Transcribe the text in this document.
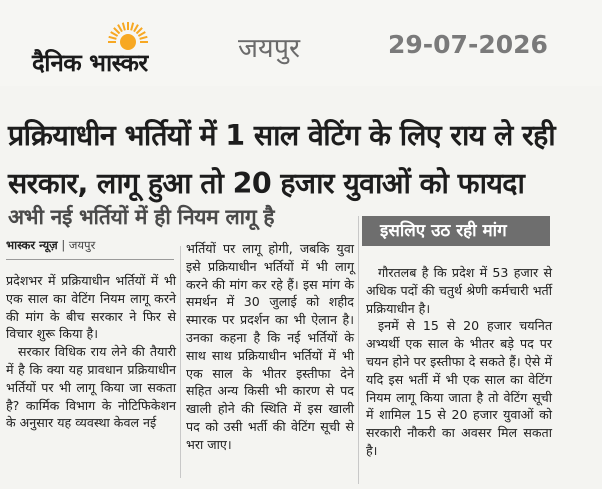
दैनिक भास्कर	जयपुर	29-07-2026
प्रक्रियाधीन भर्तियों में 1 साल वेटिंग के लिए राय ले रही
सरकार, लागू हुआ तो 20 हजार युवाओं को फायदा
अभी नई भर्तियों में ही नियम लागू है
इसलिए उठ रही मांग
भास्कर न्यूज़ | जयपुर

प्रदेशभर में प्रक्रियाधीन भर्तियों में भी एक साल का वेटिंग नियम लागू करने की मांग के बीच सरकार ने फिर से विचार शुरू किया है।

सरकार विधिक राय लेने की तैयारी में है कि क्या यह प्रावधान प्रक्रियाधीन भर्तियों पर भी लागू किया जा सकता है? कार्मिक विभाग के नोटिफिकेशन के अनुसार यह व्यवस्था केवल नई

भर्तियों पर लागू होगी, जबकि युवा इसे प्रक्रियाधीन भर्तियों में भी लागू करने की मांग कर रहे हैं। इस मांग के समर्थन में 30 जुलाई को शहीद स्मारक पर प्रदर्शन का भी ऐलान है। उनका कहना है कि नई भर्तियों के साथ साथ प्रक्रियाधीन भर्तियों में भी एक साल के भीतर इस्तीफा देने सहित अन्य किसी भी कारण से पद खाली होने की स्थिति में इस खाली पद को उसी भर्ती की वेटिंग सूची से भरा जाए।

गौरतलब है कि प्रदेश में 53 हजार से अधिक पदों की चतुर्थ श्रेणी कर्मचारी भर्ती प्रक्रियाधीन है।

इनमें से 15 से 20 हजार चयनित अभ्यर्थी एक साल के भीतर बड़े पद पर चयन होने पर इस्तीफा दे सकते हैं। ऐसे में यदि इस भर्ती में भी एक साल का वेटिंग नियम लागू किया जाता है तो वेटिंग सूची में शामिल 15 से 20 हजार युवाओं को सरकारी नौकरी का अवसर मिल सकता है।
